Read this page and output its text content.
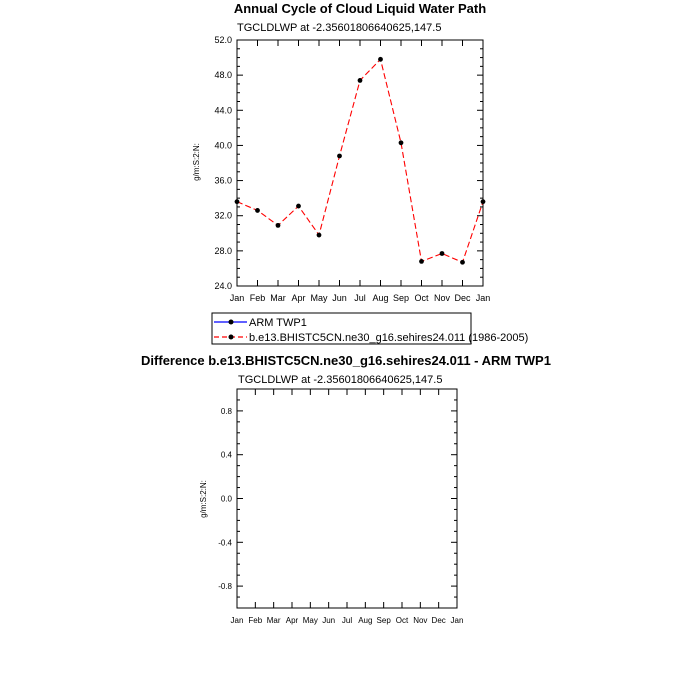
Annual Cycle of Cloud Liquid Water Path
TGCLDLWP at -2.35601806640625,147.5
g/m:S:2:N:
24.0
28.0
32.0
36.0
40.0
44.0
48.0
52.0
Jan Feb Mar Apr May Jun Jul Aug Sep Oct Nov Dec Jan
ARM TWP1
b.e13.BHISTC5CN.ne30_g16.sehires24.011 (1986-2005)
Difference b.e13.BHISTC5CN.ne30_g16.sehires24.011 - ARM TWP1
TGCLDLWP at -2.35601806640625,147.5
g/m:S:2:N:
-0.8
-0.4
0.0
0.4
0.8
Jan Feb Mar Apr May Jun Jul Aug Sep Oct Nov Dec Jan
